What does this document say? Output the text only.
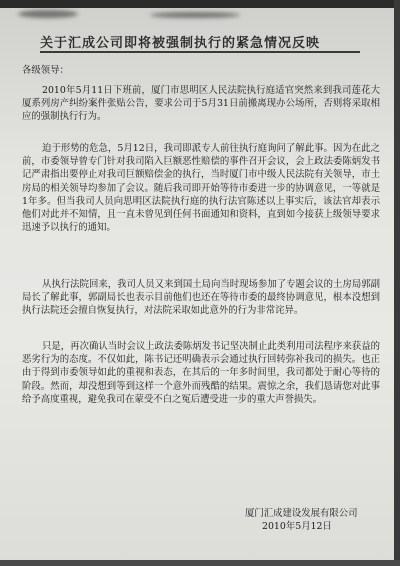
关于汇成公司即将被强制执行的紧急情况反映
各级领导：
2010年5月11日下班前，厦门市思明区人民法院执行庭适官突然来到我司莲花大厦系列房产纠纷案件张贴公告，要求公司于5月31日前搬离现办公场所，否则将采取相应的强制执行行为。
迫于形势的危急，5月12日，我司即派专人前往执行庭询问了解此事。因为在此之前，市委领导曾专门针对我司陷入巨额恶性赔偿的事件召开会议，会上政法委陈炳发书记严肃指出要停止对我司巨额赔偿金的执行，当时厦门市中级人民法院有关领导，市土房局的相关领导均参加了会议。随后我司即开始等待市委进一步的协调意见，一等就是1年多。但当我司人员向思明区法院执行庭的执行法官陈述以上事实后，该法官却表示他们对此并不知情，且一直未曾见到任何书面通知和资料，直到如今接获上级领导要求迅速予以执行的通知。
从执行法院回来，我司人员又来到国土局向当时现场参加了专题会议的土房局郭副局长了解此事，郭副局长也表示目前他们也还在等待市委的最终协调意见，根本没想到执行法院还会擅自恢复执行，对法院采取如此意外的行为非常诧异。
只是，再次确认当时会议上政法委陈炳发书记坚决制止此类利用司法程序来获益的恶劣行为的态度。不仅如此，陈书记还明确表示会通过执行回转弥补我司的损失。也正由于得到市委领导如此的重视和表态，在其后的一年多时间里，我司都处于耐心等待的阶段。然而，却没想到等到这样一个意外而残酷的结果。震惊之余，我们恳请您对此事给予高度重视，避免我司在蒙受不白之冤后遭受进一步的重大声誉损失。
厦门汇成建设发展有限公司
2010年5月12日
